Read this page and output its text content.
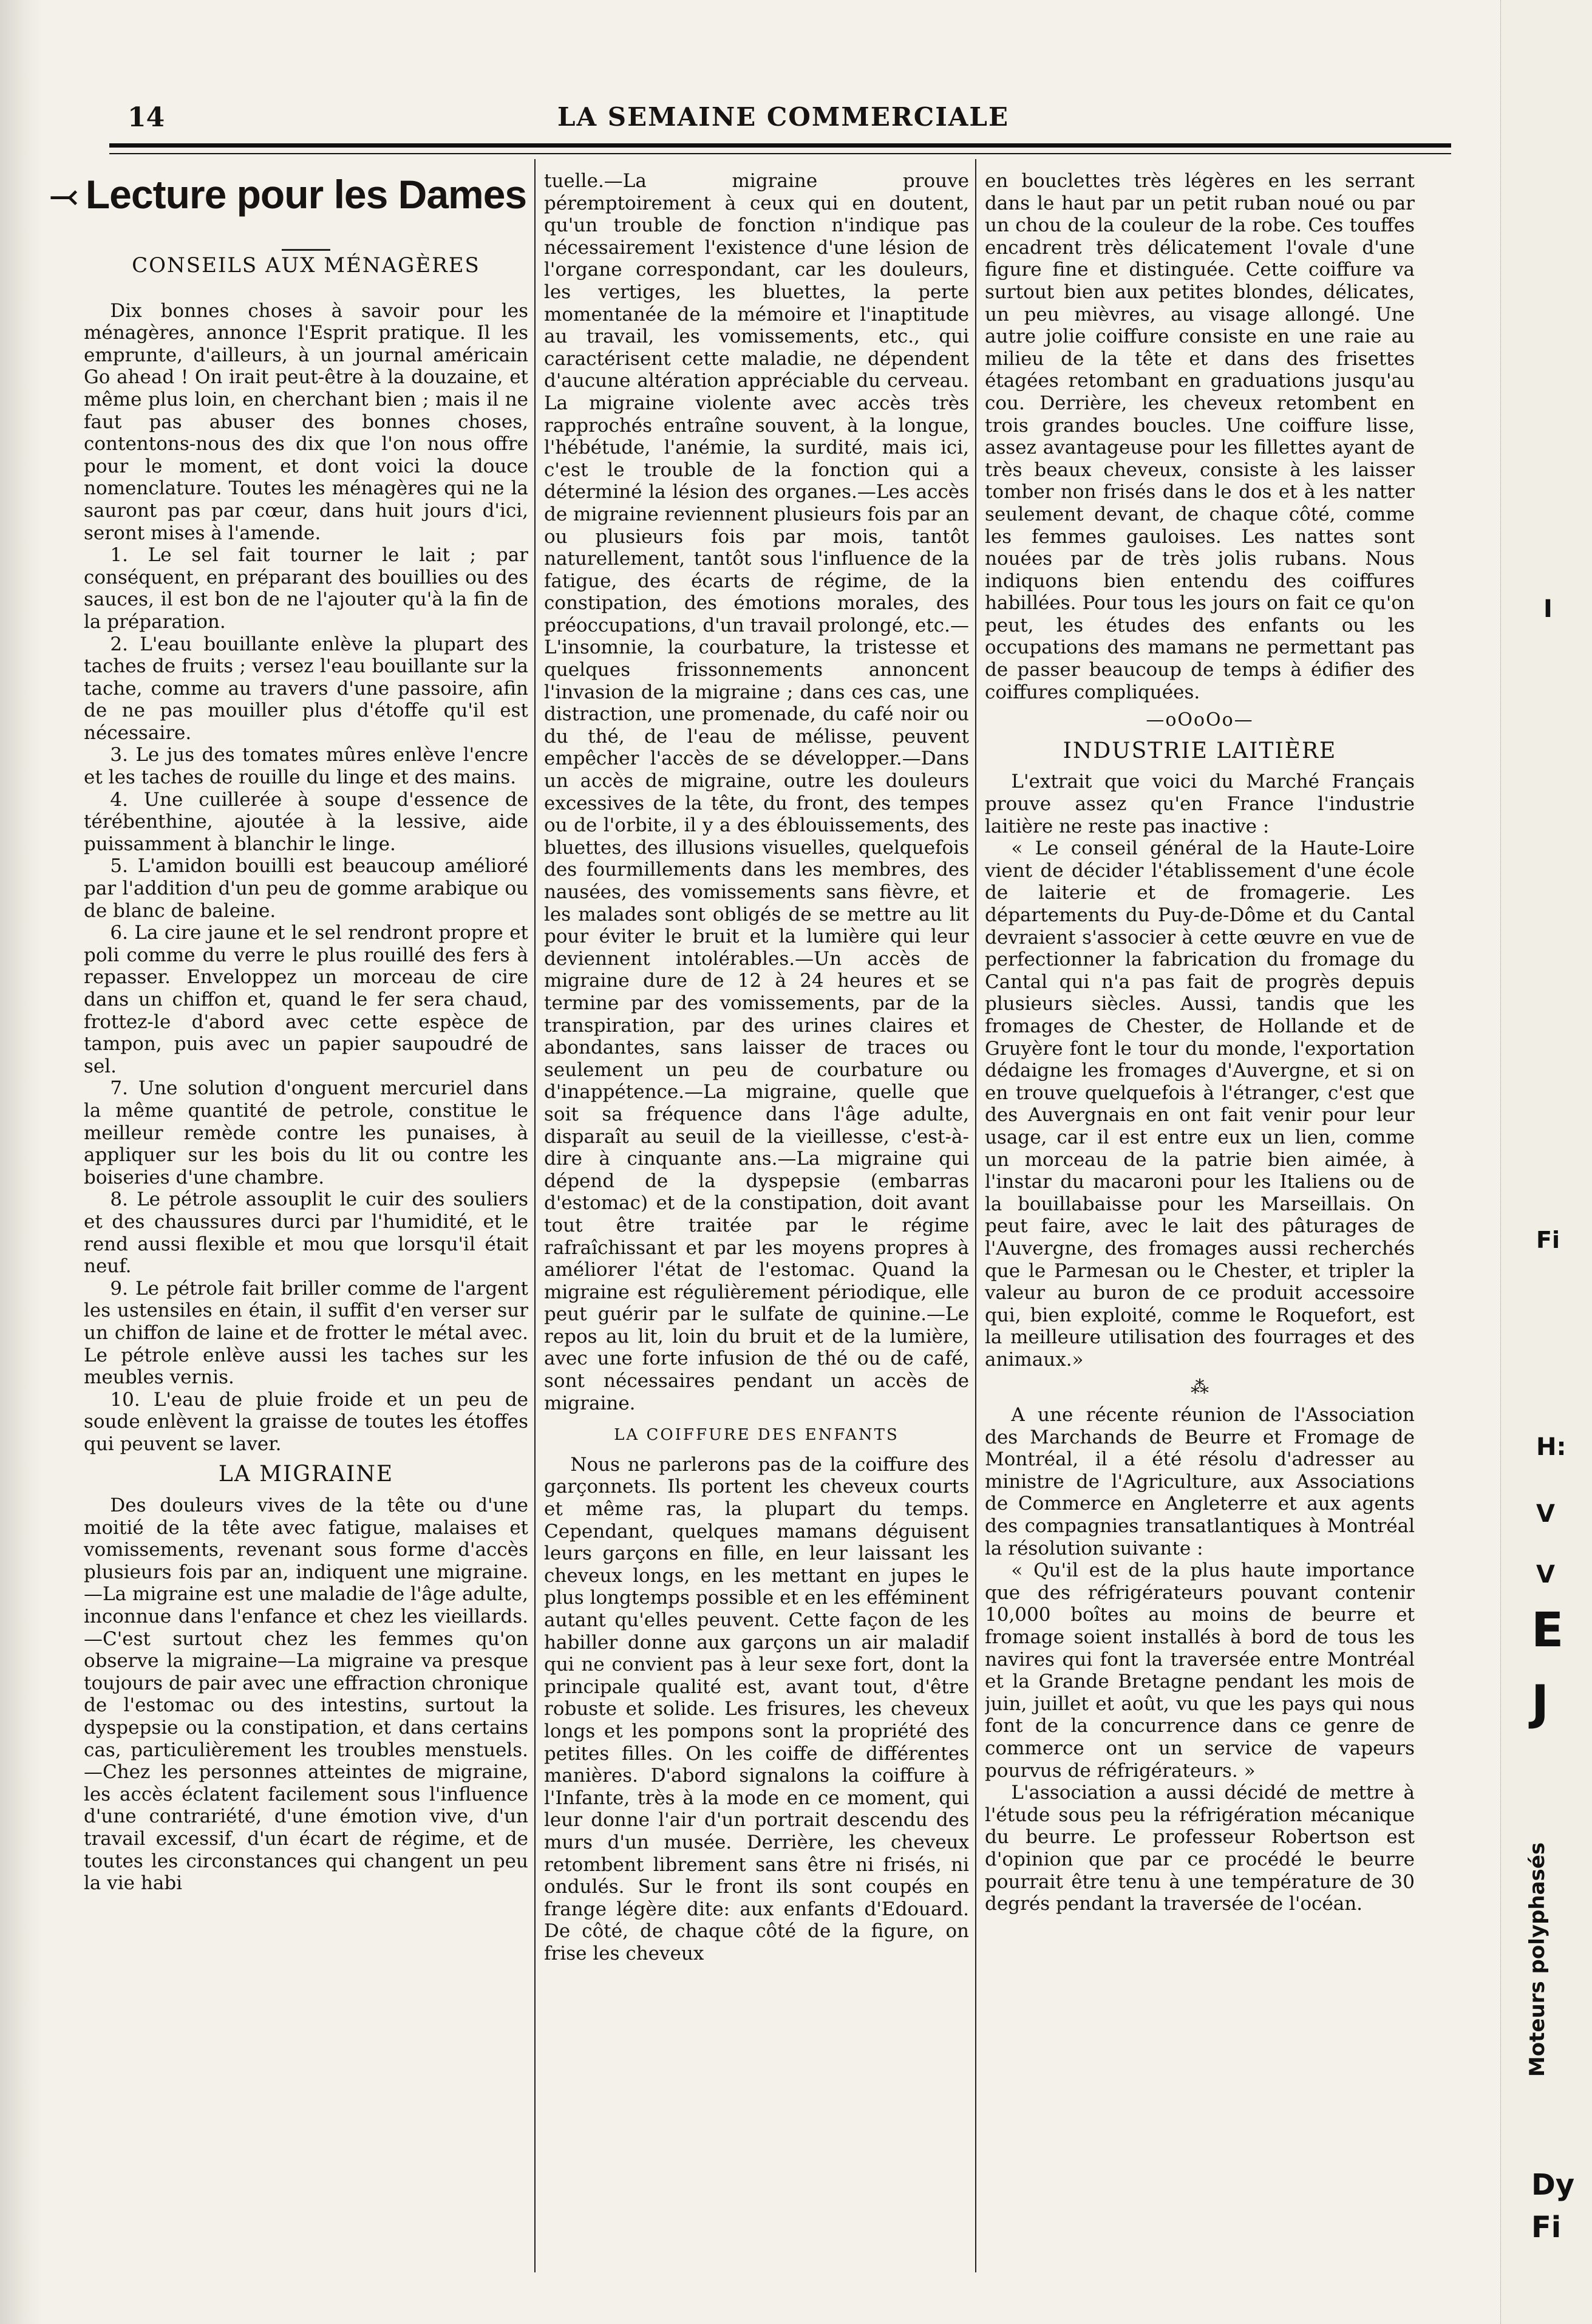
I
Fi
H:
V
V
E
J
Moteurs polyphasés
Dy
Fi
14	LA SEMAINE COMMERCIALE
⤙ Lecture pour les Dames
CONSEILS AUX MÉNAGÈRES

Dix bonnes choses à savoir pour les ménagères, annonce l'Esprit pratique. Il les emprunte, d'ailleurs, à un journal américain Go ahead ! On irait peut-être à la douzaine, et même plus loin, en cherchant bien ; mais il ne faut pas abuser des bonnes choses, contentons-nous des dix que l'on nous offre pour le moment, et dont voici la douce nomenclature. Toutes les ménagères qui ne la sauront pas par cœur, dans huit jours d'ici, seront mises à l'amende.

1. Le sel fait tourner le lait ; par conséquent, en préparant des bouillies ou des sauces, il est bon de ne l'ajouter qu'à la fin de la préparation.

2. L'eau bouillante enlève la plupart des taches de fruits ; versez l'eau bouillante sur la tache, comme au travers d'une passoire, afin de ne pas mouiller plus d'étoffe qu'il est nécessaire.

3. Le jus des tomates mûres enlève l'encre et les taches de rouille du linge et des mains.

4. Une cuillerée à soupe d'essence de térébenthine, ajoutée à la lessive, aide puissamment à blanchir le linge.

5. L'amidon bouilli est beaucoup amélioré par l'addition d'un peu de gomme arabique ou de blanc de baleine.

6. La cire jaune et le sel rendront propre et poli comme du verre le plus rouillé des fers à repasser. Enveloppez un morceau de cire dans un chiffon et, quand le fer sera chaud, frottez-le d'abord avec cette espèce de tampon, puis avec un papier saupoudré de sel.

7. Une solution d'onguent mercuriel dans la même quantité de petrole, constitue le meilleur remède contre les punaises, à appliquer sur les bois du lit ou contre les boiseries d'une chambre.

8. Le pétrole assouplit le cuir des souliers et des chaussures durci par l'humidité, et le rend aussi flexible et mou que lorsqu'il était neuf.

9. Le pétrole fait briller comme de l'argent les ustensiles en étain, il suffit d'en verser sur un chiffon de laine et de frotter le métal avec. Le pétrole enlève aussi les taches sur les meubles vernis.

10. L'eau de pluie froide et un peu de soude enlèvent la graisse de toutes les étoffes qui peuvent se laver.

LA MIGRAINE

Des douleurs vives de la tête ou d'une moitié de la tête avec fatigue, malaises et vomissements, revenant sous forme d'accès plusieurs fois par an, indiquent une migraine.—La migraine est une maladie de l'âge adulte, inconnue dans l'enfance et chez les vieillards.—C'est surtout chez les femmes qu'on observe la migraine—La migraine va presque toujours de pair avec une effraction chronique de l'estomac ou des intestins, surtout la dyspepsie ou la constipation, et dans certains cas, particulièrement les troubles menstuels.—Chez les personnes atteintes de migraine, les accès éclatent facilement sous l'influence d'une contrariété, d'une émotion vive, d'un travail excessif, d'un écart de régime, et de toutes les circonstances qui changent un peu la vie habi

tuelle.—La migraine prouve péremptoirement à ceux qui en doutent, qu'un trouble de fonction n'indique pas nécessairement l'existence d'une lésion de l'organe correspondant, car les douleurs, les vertiges, les bluettes, la perte momentanée de la mémoire et l'inaptitude au travail, les vomissements, etc., qui caractérisent cette maladie, ne dépendent d'aucune altération appréciable du cerveau. La migraine violente avec accès très rapprochés entraîne souvent, à la longue, l'hébétude, l'anémie, la surdité, mais ici, c'est le trouble de la fonction qui a déterminé la lésion des organes.—Les accès de migraine reviennent plusieurs fois par an ou plusieurs fois par mois, tantôt naturellement, tantôt sous l'influence de la fatigue, des écarts de régime, de la constipation, des émotions morales, des préoccupations, d'un travail prolongé, etc.—L'insomnie, la courbature, la tristesse et quelques frissonnements annoncent l'invasion de la migraine ; dans ces cas, une distraction, une promenade, du café noir ou du thé, de l'eau de mélisse, peuvent empêcher l'accès de se développer.—Dans un accès de migraine, outre les douleurs excessives de la tête, du front, des tempes ou de l'orbite, il y a des éblouissements, des bluettes, des illusions visuelles, quelquefois des fourmillements dans les membres, des nausées, des vomissements sans fièvre, et les malades sont obligés de se mettre au lit pour éviter le bruit et la lumière qui leur deviennent intolérables.—Un accès de migraine dure de 12 à 24 heures et se termine par des vomissements, par de la transpiration, par des urines claires et abondantes, sans laisser de traces ou seulement un peu de courbature ou d'inappétence.—La migraine, quelle que soit sa fréquence dans l'âge adulte, disparaît au seuil de la vieillesse, c'est-à-dire à cinquante ans.—La migraine qui dépend de la dyspepsie (embarras d'estomac) et de la constipation, doit avant tout être traitée par le régime rafraîchissant et par les moyens propres à améliorer l'état de l'estomac. Quand la migraine est régulièrement périodique, elle peut guérir par le sulfate de quinine.—Le repos au lit, loin du bruit et de la lumière, avec une forte infusion de thé ou de café, sont nécessaires pendant un accès de migraine.

LA COIFFURE DES ENFANTS

Nous ne parlerons pas de la coiffure des garçonnets. Ils portent les cheveux courts et même ras, la plupart du temps. Cependant, quelques mamans déguisent leurs garçons en fille, en leur laissant les cheveux longs, en les mettant en jupes le plus longtemps possible et en les efféminent autant qu'elles peuvent. Cette façon de les habiller donne aux garçons un air maladif qui ne convient pas à leur sexe fort, dont la principale qualité est, avant tout, d'être robuste et solide. Les frisures, les cheveux longs et les pompons sont la propriété des petites filles. On les coiffe de différentes manières. D'abord signalons la coiffure à l'Infante, très à la mode en ce moment, qui leur donne l'air d'un portrait descendu des murs d'un musée. Derrière, les cheveux retombent librement sans être ni frisés, ni ondulés. Sur le front ils sont coupés en frange légère dite: aux enfants d'Edouard. De côté, de chaque côté de la figure, on frise les cheveux

en bouclettes très légères en les serrant dans le haut par un petit ruban noué ou par un chou de la couleur de la robe. Ces touffes encadrent très délicatement l'ovale d'une figure fine et distinguée. Cette coiffure va surtout bien aux petites blondes, délicates, un peu mièvres, au visage allongé. Une autre jolie coiffure consiste en une raie au milieu de la tête et dans des frisettes étagées retombant en graduations jusqu'au cou. Derrière, les cheveux retombent en trois grandes boucles. Une coiffure lisse, assez avantageuse pour les fillettes ayant de très beaux cheveux, consiste à les laisser tomber non frisés dans le dos et à les natter seulement devant, de chaque côté, comme les femmes gauloises. Les nattes sont nouées par de très jolis rubans. Nous indiquons bien entendu des coiffures habillées. Pour tous les jours on fait ce qu'on peut, les études des enfants ou les occupations des mamans ne permettant pas de passer beaucoup de temps à édifier des coiffures compliquées.

—oOoOo—
INDUSTRIE LAITIÈRE

L'extrait que voici du Marché Français prouve assez qu'en France l'industrie laitière ne reste pas inactive :

« Le conseil général de la Haute-Loire vient de décider l'établissement d'une école de laiterie et de fromagerie. Les départements du Puy-de-Dôme et du Cantal devraient s'associer à cette œuvre en vue de perfectionner la fabrication du fromage du Cantal qui n'a pas fait de progrès depuis plusieurs siècles. Aussi, tandis que les fromages de Chester, de Hollande et de Gruyère font le tour du monde, l'exportation dédaigne les fromages d'Auvergne, et si on en trouve quelquefois à l'étranger, c'est que des Auvergnais en ont fait venir pour leur usage, car il est entre eux un lien, comme un morceau de la patrie bien aimée, à l'instar du macaroni pour les Italiens ou de la bouillabaisse pour les Marseillais. On peut faire, avec le lait des pâturages de l'Auvergne, des fromages aussi recherchés que le Parmesan ou le Chester, et tripler la valeur au buron de ce produit accessoire qui, bien exploité, comme le Roquefort, est la meilleure utilisation des fourrages et des animaux.»

⁂

A une récente réunion de l'Association des Marchands de Beurre et Fromage de Montréal, il a été résolu d'adresser au ministre de l'Agriculture, aux Associations de Commerce en Angleterre et aux agents des compagnies transatlantiques à Montréal la résolution suivante :

« Qu'il est de la plus haute importance que des réfrigérateurs pouvant contenir 10,000 boîtes au moins de beurre et fromage soient installés à bord de tous les navires qui font la traversée entre Montréal et la Grande Bretagne pendant les mois de juin, juillet et août, vu que les pays qui nous font de la concurrence dans ce genre de commerce ont un service de vapeurs pourvus de réfrigérateurs. »

L'association a aussi décidé de mettre à l'étude sous peu la réfrigération mécanique du beurre. Le professeur Robertson est d'opinion que par ce procédé le beurre pourrait être tenu à une température de 30 degrés pendant la traversée de l'océan.
